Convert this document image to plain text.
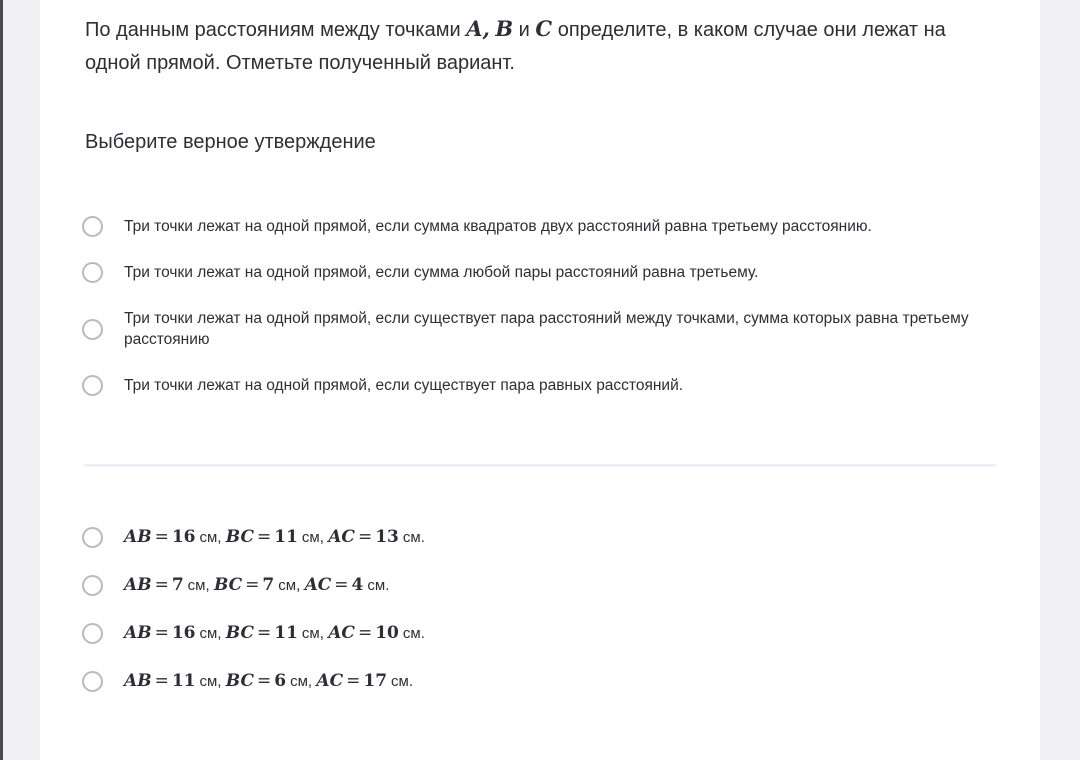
По данным расстояниям между точками A, B и C определите, в каком случае они лежат на одной прямой. Отметьте полученный вариант.
Выберите верное утверждение
Три точки лежат на одной прямой, если сумма квадратов двух расстояний равна третьему расстоянию.
Три точки лежат на одной прямой, если сумма любой пары расстояний равна третьему.
Три точки лежат на одной прямой, если существует пара расстояний между точками, сумма которых равна третьему расстоянию
Три точки лежат на одной прямой, если существует пара равных расстояний.
AB = 16 см, BC = 11 см, AC = 13 см.
AB = 7 см, BC = 7 см, AC = 4 см.
AB = 16 см, BC = 11 см, AC = 10 см.
AB = 11 см, BC = 6 см, AC = 17 см.
